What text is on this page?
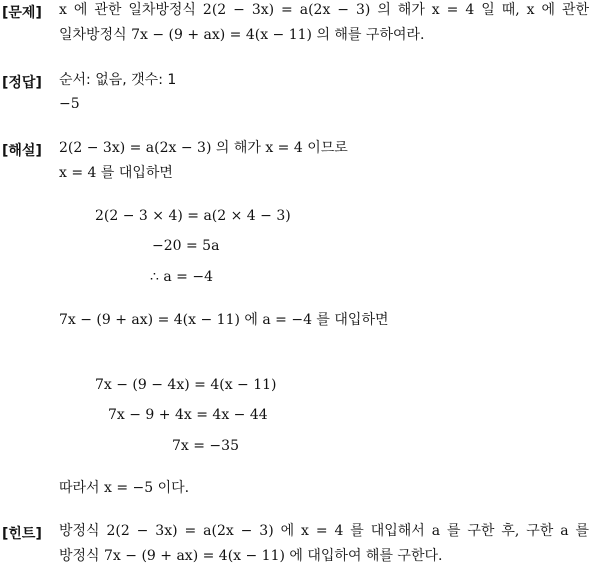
[문제] x 에 관한 일차방정식 2(2 − 3x) = a(2x − 3) 의 해가 x = 4 일 때, x 에 관한
일차방정식 7x − (9 + ax) = 4(x − 11) 의 해를 구하여라.
[정답] 순서: 없음, 갯수: 1
−5
[해설] 2(2 − 3x) = a(2x − 3) 의 해가 x = 4 이므로
x = 4 를 대입하면
2(2 − 3 × 4) = a(2 × 4 − 3)
−20 = 5a
∴ a = −4
7x − (9 + ax) = 4(x − 11) 에 a = −4 를 대입하면
7x − (9 − 4x) = 4(x − 11)
7x − 9 + 4x = 4x − 44
7x = −35
따라서 x = −5 이다.
[힌트] 방정식 2(2 − 3x) = a(2x − 3) 에 x = 4 를 대입해서 a 를 구한 후, 구한 a 를
방정식 7x − (9 + ax) = 4(x − 11) 에 대입하여 해를 구한다.
